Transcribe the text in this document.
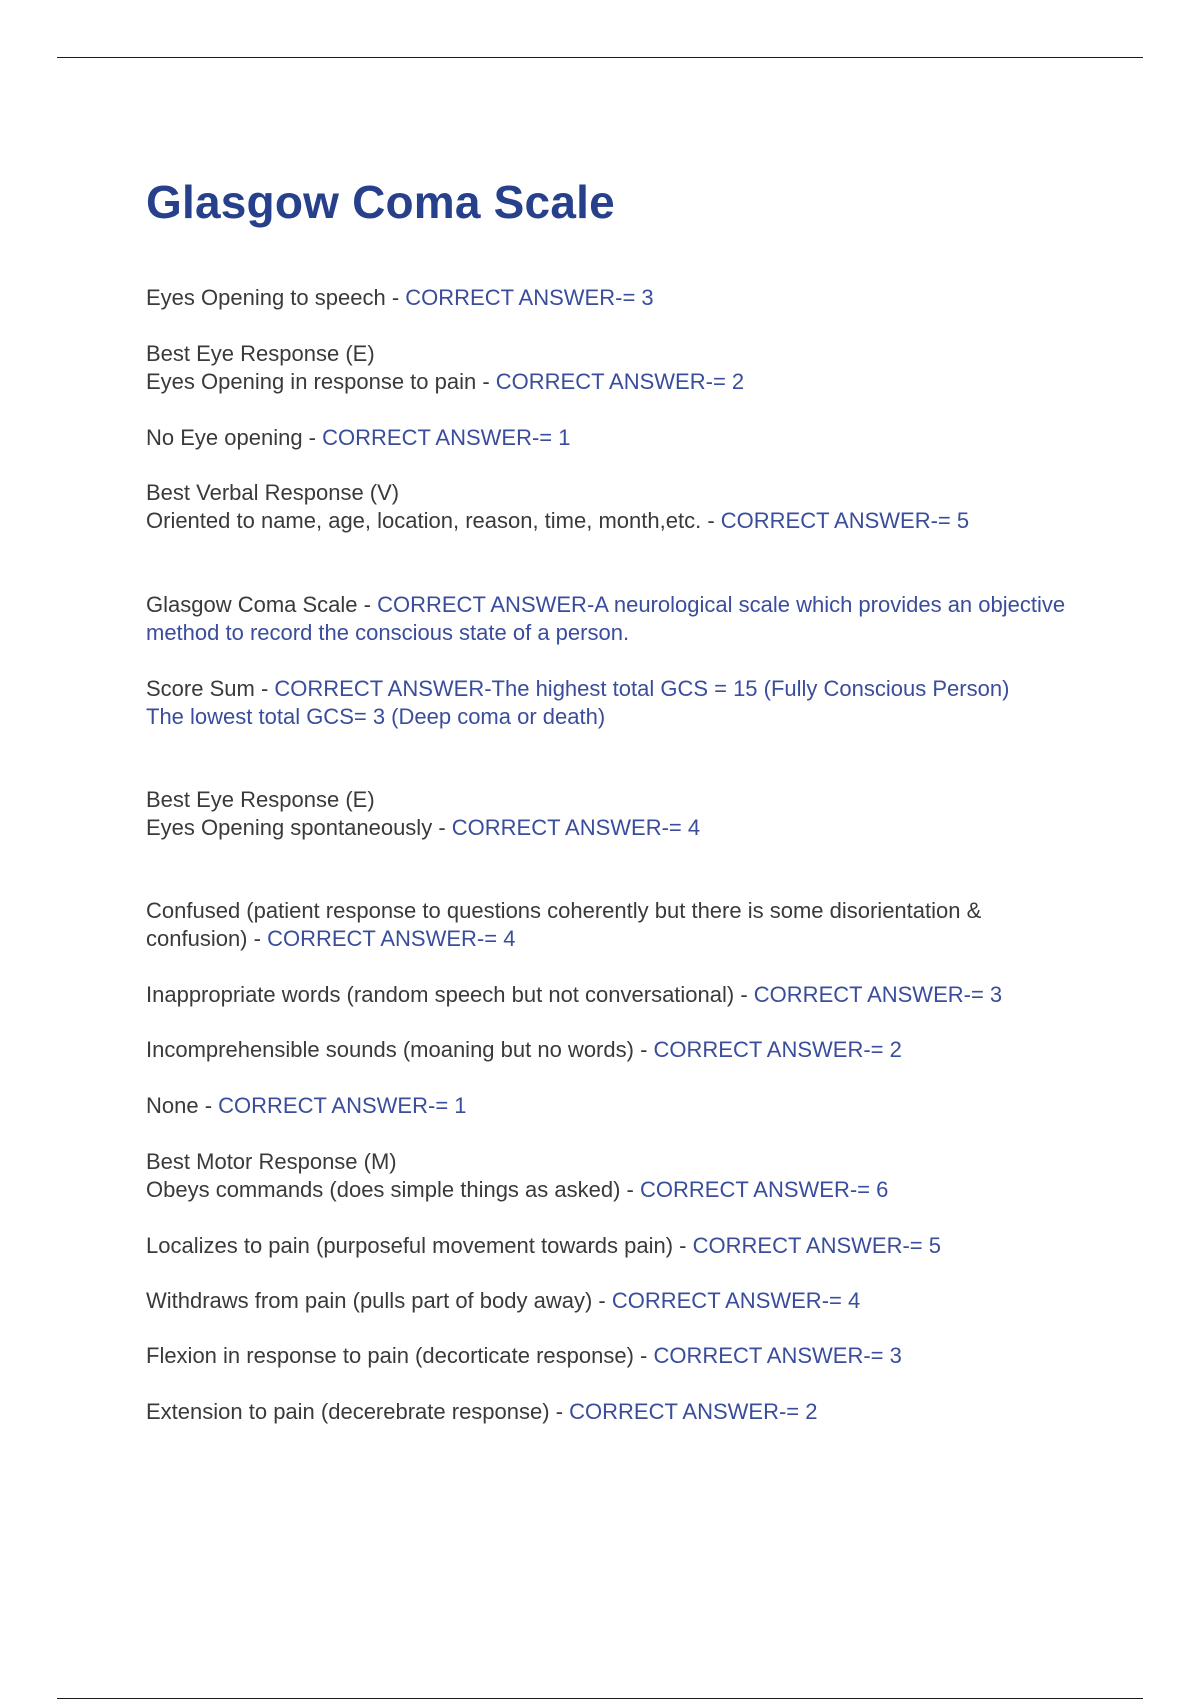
Glasgow Coma Scale
Eyes Opening to speech - CORRECT ANSWER-= 3
Best Eye Response (E)
Eyes Opening in response to pain - CORRECT ANSWER-= 2
No Eye opening - CORRECT ANSWER-= 1
Best Verbal Response (V)
Oriented to name, age, location, reason, time, month,etc. - CORRECT ANSWER-= 5
Glasgow Coma Scale - CORRECT ANSWER-A neurological scale which provides an objective method to record the conscious state of a person.
Score Sum - CORRECT ANSWER-The highest total GCS = 15 (Fully Conscious Person)
The lowest total GCS= 3 (Deep coma or death)
Best Eye Response (E)
Eyes Opening spontaneously - CORRECT ANSWER-= 4
Confused (patient response to questions coherently but there is some disorientation & confusion) - CORRECT ANSWER-= 4
Inappropriate words (random speech but not conversational) - CORRECT ANSWER-= 3
Incomprehensible sounds (moaning but no words) - CORRECT ANSWER-= 2
None - CORRECT ANSWER-= 1
Best Motor Response (M)
Obeys commands (does simple things as asked) - CORRECT ANSWER-= 6
Localizes to pain (purposeful movement towards pain) - CORRECT ANSWER-= 5
Withdraws from pain (pulls part of body away) - CORRECT ANSWER-= 4
Flexion in response to pain (decorticate response) - CORRECT ANSWER-= 3
Extension to pain (decerebrate response) - CORRECT ANSWER-= 2
